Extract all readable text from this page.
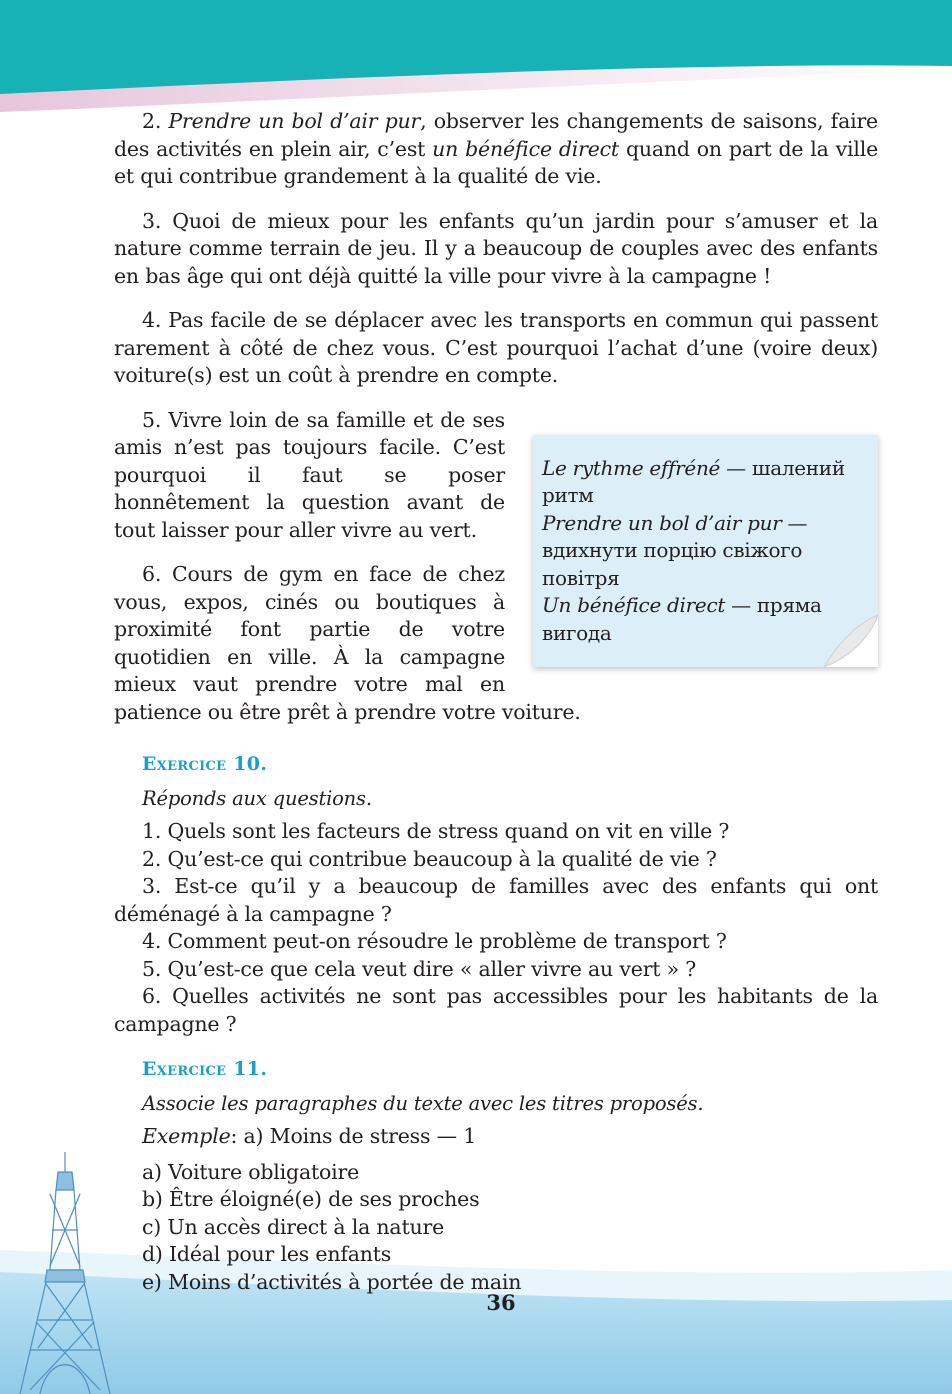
2. Prendre un bol d’air pur, observer les changements de saisons, faire des activités en plein air, c’est un bénéfice direct quand on part de la ville et qui contribue grandement à la qualité de vie.

3. Quoi de mieux pour les enfants qu’un jardin pour s’amuser et la nature comme terrain de jeu. Il y a beaucoup de couples avec des enfants en bas âge qui ont déjà quitté la ville pour vivre à la campagne !

4. Pas facile de se déplacer avec les transports en commun qui passent rarement à côté de chez vous. C’est pourquoi l’achat d’une (voire deux) voiture(s) est un coût à prendre en compte.

Le rythme effréné — шалений ритм
Prendre un bol d’air pur — вдихнути порцію свіжого повітря
Un bénéfice direct — пряма вигода

5. Vivre loin de sa famille et de ses amis n’est pas toujours facile. C’est pourquoi il faut se poser honnêtement la question avant de tout laisser pour aller vivre au vert.

6. Cours de gym en face de chez vous, expos, cinés ou boutiques à proximité font partie de votre quotidien en ville. À la campagne mieux vaut prendre votre mal en patience ou être prêt à prendre votre voiture.

Exercice 10.
Réponds aux questions.
1. Quels sont les facteurs de stress quand on vit en ville ?
2. Qu’est-ce qui contribue beaucoup à la qualité de vie ?
3. Est-ce qu’il y a beaucoup de familles avec des enfants qui ont déménagé à la campagne ?
4. Comment peut-on résoudre le problème de transport ?
5. Qu’est-ce que cela veut dire « aller vivre au vert » ?
6. Quelles activités ne sont pas accessibles pour les habitants de la campagne ?
Exercice 11.
Associe les paragraphes du texte avec les titres proposés.
Exemple: a) Moins de stress — 1
a) Voiture obligatoire
b) Être éloigné(e) de ses proches
c) Un accès direct à la nature
d) Idéal pour les enfants
e) Moins d’activités à portée de main
36
